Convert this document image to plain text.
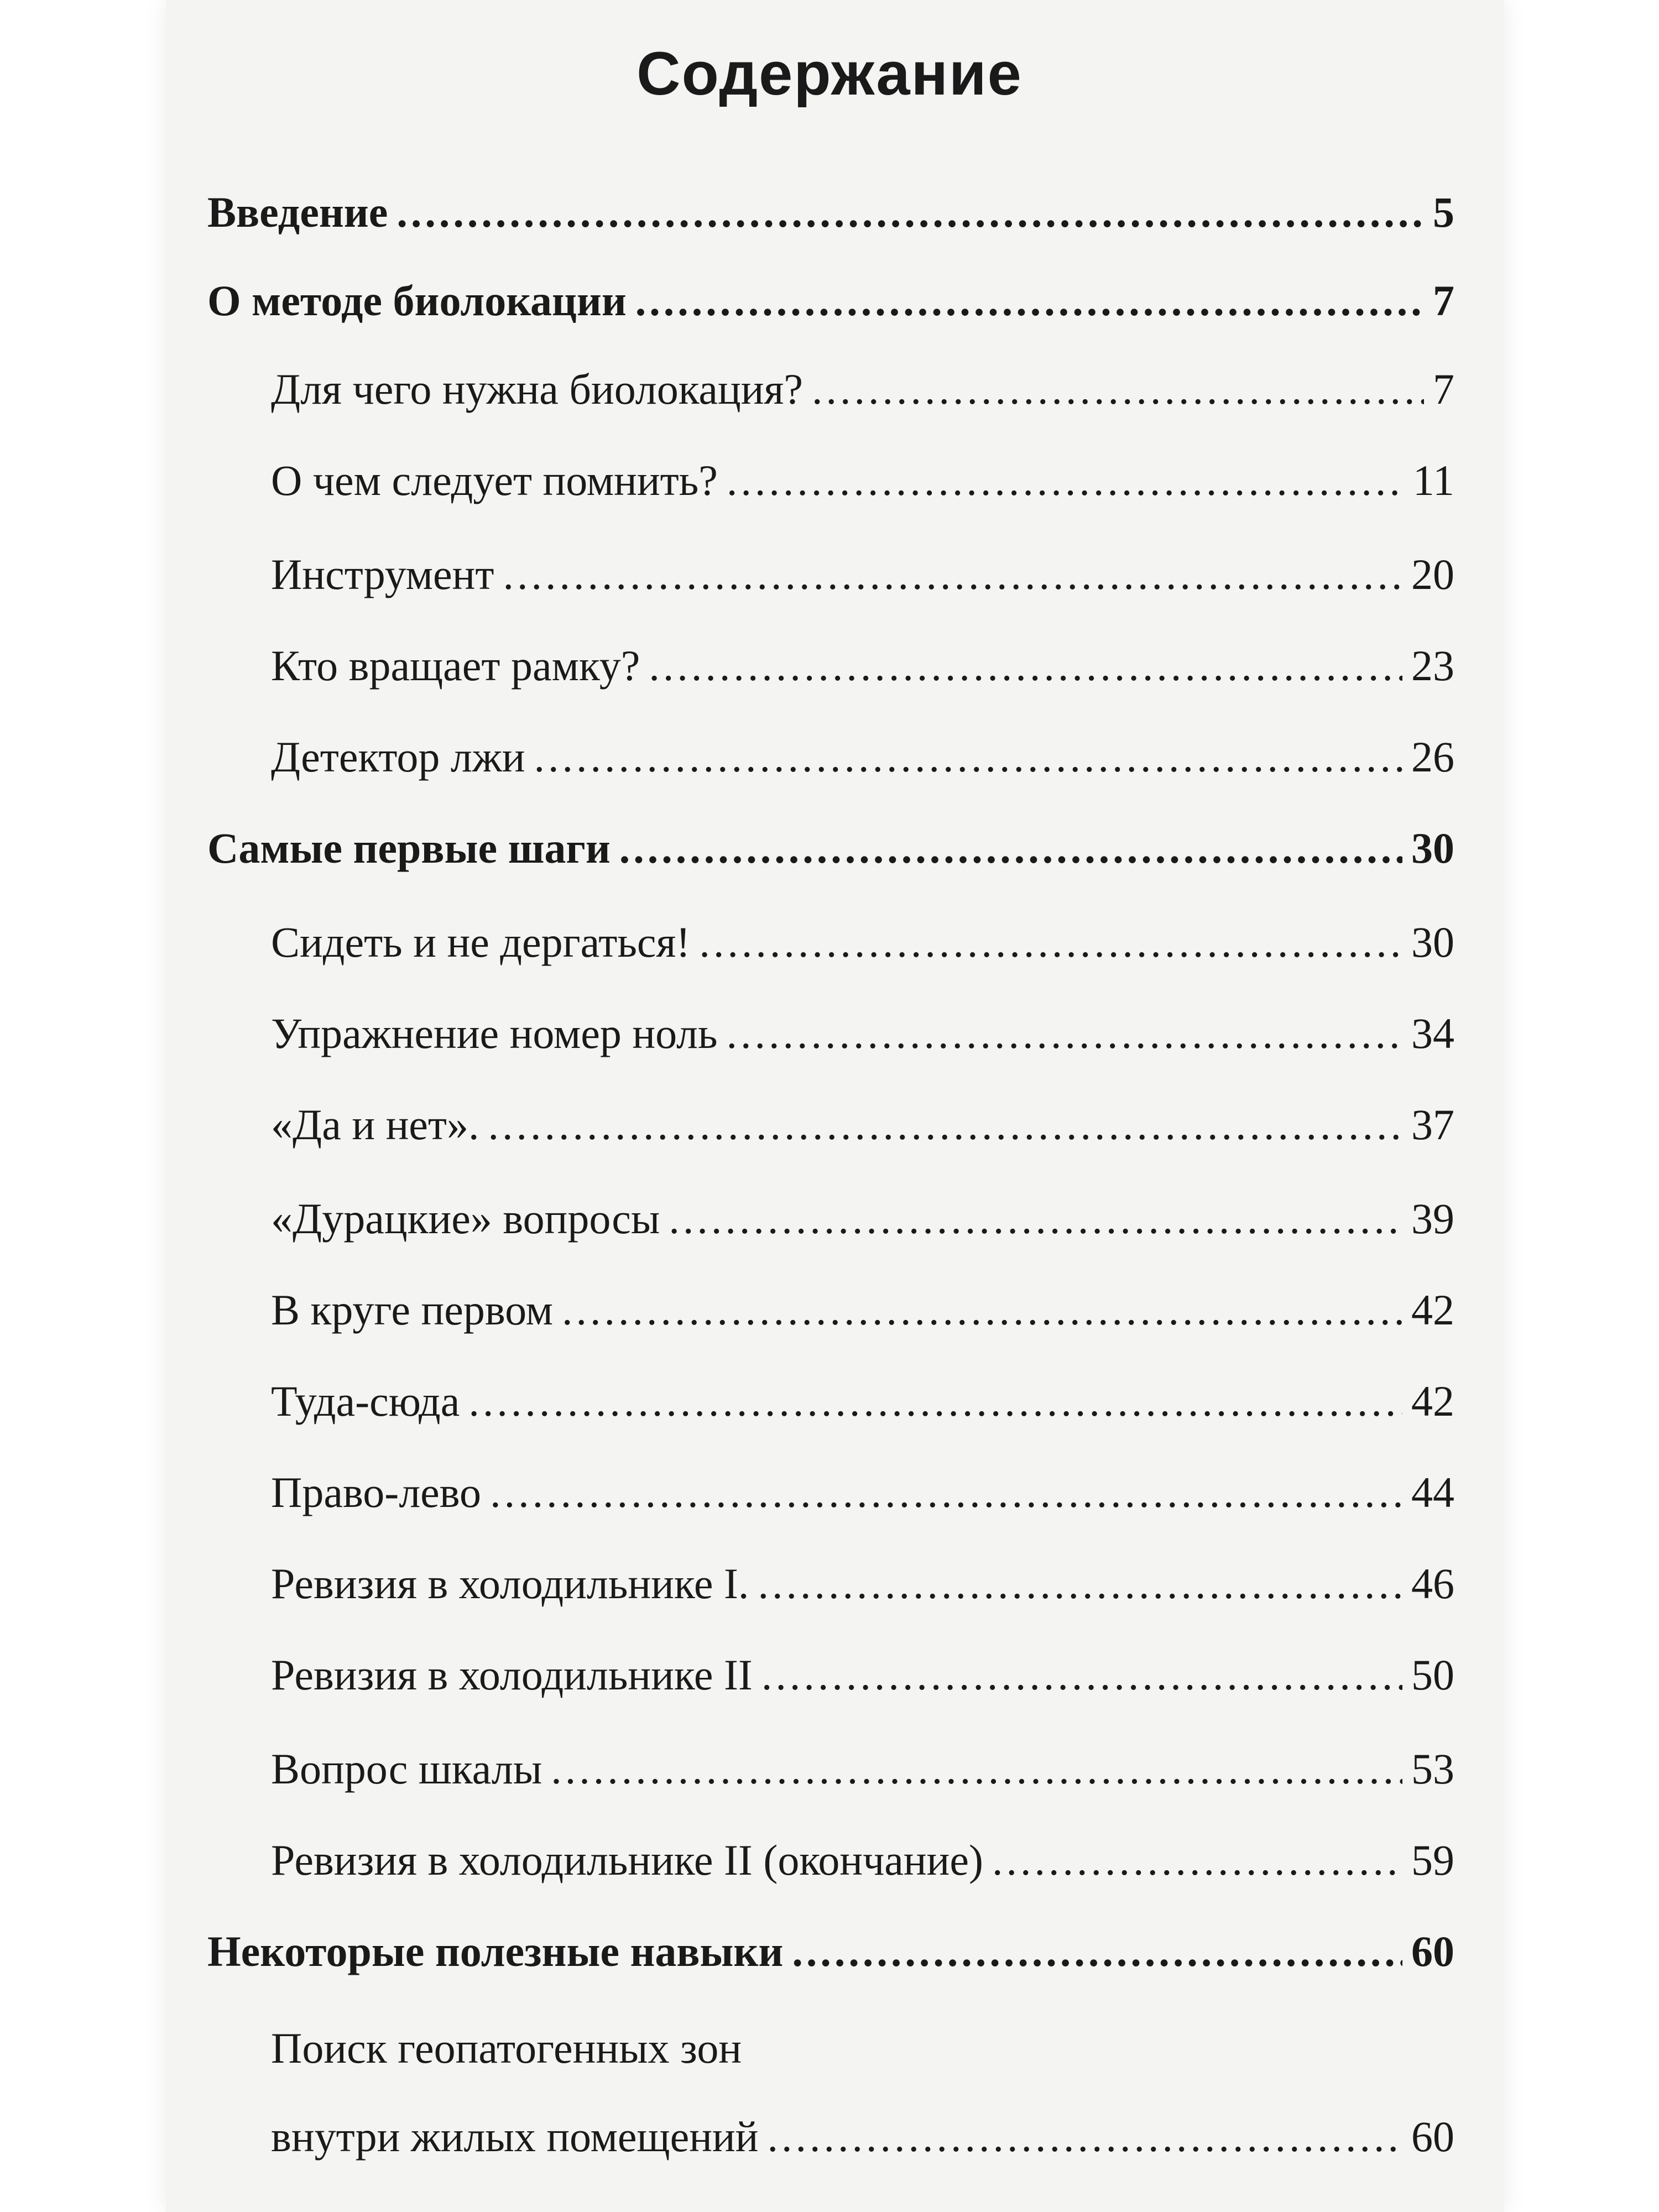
Содержание
Введение .....	5
О методе биолокации .....	7
Для чего нужна биолокация? .....	7
О чем следует помнить? .....	11
Инструмент .....	20
Кто вращает рамку? .....	23
Детектор лжи .....	26
Самые первые шаги .....	30
Сидеть и не дергаться! .....	30
Упражнение номер ноль .....	34
«Да и нет». .....	37
«Дурацкие» вопросы .....	39
В круге первом .....	42
Туда-сюда .....	42
Право-лево .....	44
Ревизия в холодильнике I. .....	46
Ревизия в холодильнике II .....	50
Вопрос шкалы .....	53
Ревизия в холодильнике II (окончание) .....	59
Некоторые полезные навыки .....	60
Поиск геопатогенных зон
внутри жилых помещений .....	60
